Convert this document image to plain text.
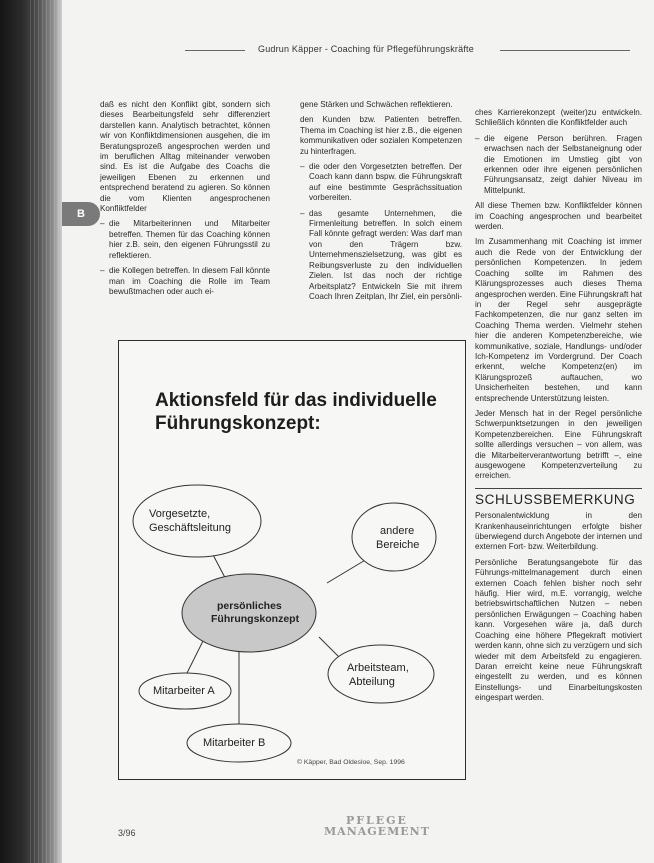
B
Gudrun Käpper - Coaching für Pflegeführungskräfte

daß es nicht den Konflikt gibt, sondern sich dieses Bearbeitungsfeld sehr differenziert darstellen kann. Analytisch betrachtet, können wir von Konfliktdimensionen ausgehen, die im Beratungsprozeß angesprochen werden und im beruflichen Alltag miteinander verwoben sind. Es ist die Aufgabe des Coachs die jeweiligen Ebenen zu erkennen und entsprechend beratend zu agieren. So können die vom Klienten angesprochenen Konfliktfelder

– die Mitarbeiterinnen und Mitarbeiter betreffen. Themen für das Coaching können hier z.B. sein, den eigenen Führungsstil zu reflektieren.
– die Kollegen betreffen. In diesem Fall könnte man im Coaching die Rolle im Team bewußtmachen oder auch ei-

gene Stärken und Schwächen reflektieren.

den Kunden bzw. Patienten betreffen. Thema im Coaching ist hier z.B., die eigenen kommunikativen oder sozialen Kompetenzen zu hinterfragen.

– die oder den Vorgesetzten betreffen. Der Coach kann dann bspw. die Führungskraft auf eine bestimmte Gesprächssituation vorbereiten.
– das gesamte Unternehmen, die Firmenleitung betreffen. In solch einem Fall könnte gefragt werden: Was darf man von den Trägern bzw. Unternehmenszielsetzung, was gibt es Reibungsverluste zu den individuellen Zielen. Ist das noch der richtige Arbeitsplatz? Entwickeln Sie mit ihrem Coach Ihren Zeitplan, Ihr Ziel, ein persönli-

ches Karrierekonzept (weiter)zu entwickeln. Schließlich könnten die Konfliktfelder auch

– die eigene Person berühren. Fragen erwachsen nach der Selbstaneignung oder die Emotionen im Umstieg gibt von erkennen oder ihre eigenen persönlichen Führungsansatz, zeigt dahier Niveau im Mittelpunkt.

All diese Themen bzw. Konfliktfelder können im Coaching angesprochen und bearbeitet werden.

Im Zusammenhang mit Coaching ist immer auch die Rede von der Entwicklung der persönlichen Kompetenzen. In jedem Coaching sollte im Rahmen des Klärungsprozesses auch dieses Thema angesprochen werden. Eine Führungskraft hat in der Regel sehr ausgeprägte Fachkompetenzen, die nur ganz selten im Coaching Thema werden. Vielmehr stehen hier die anderen Kompetenzbereiche, wie kommunikative, soziale, Handlungs- und/oder Ich-Kompetenz im Vordergrund. Der Coach erkennt, welche Kompetenz(en) im Klärungsprozeß auftauchen, wo Unsicherheiten bestehen, und kann entsprechende Unterstützung leisten.

Jeder Mensch hat in der Regel persönliche Schwerpunktsetzungen in den jeweiligen Kompetenzbereichen. Eine Führungskraft sollte allerdings versuchen – von allem, was die Mitarbeiterverantwortung betrifft –, eine ausgewogene Kompetenzverteilung zu erreichen.

SCHLUSSBEMERKUNG

Personalentwicklung in den Krankenhauseinrichtungen erfolgte bisher überwiegend durch Angebote der internen und externen Fort- bzw. Weiterbildung.

Persönliche Beratungsangebote für das Führungs-mittelmanagement durch einen externen Coach fehlen bisher noch sehr häufig. Hier wird, m.E. vorrangig, welche betriebswirtschaftlichen Nutzen – neben persönlichen Erwägungen – Coaching haben kann. Vorgesehen wäre ja, daß durch Coaching eine höhere Pflegekraft motiviert werden kann, ohne sich zu verzügern und sich wieder mit dem Arbeitsfeld zu engagieren. Daran erreicht keine neue Führungskraft eingestellt zu werden, und es können Einstellungs- und Einarbeitungskosten eingespart werden.

Aktionsfeld für das individuelle
Führungskonzept:
Vorgesetzte,
Geschäftsleitung	andere
Bereiche
persönliches
Führungskonzept
Arbeitsteam,
Abteilung
Mitarbeiter A
Mitarbeiter B
© Käpper, Bad Oldesloe, Sep. 1996
3/96
PFLEGE
MANAGEMENT
